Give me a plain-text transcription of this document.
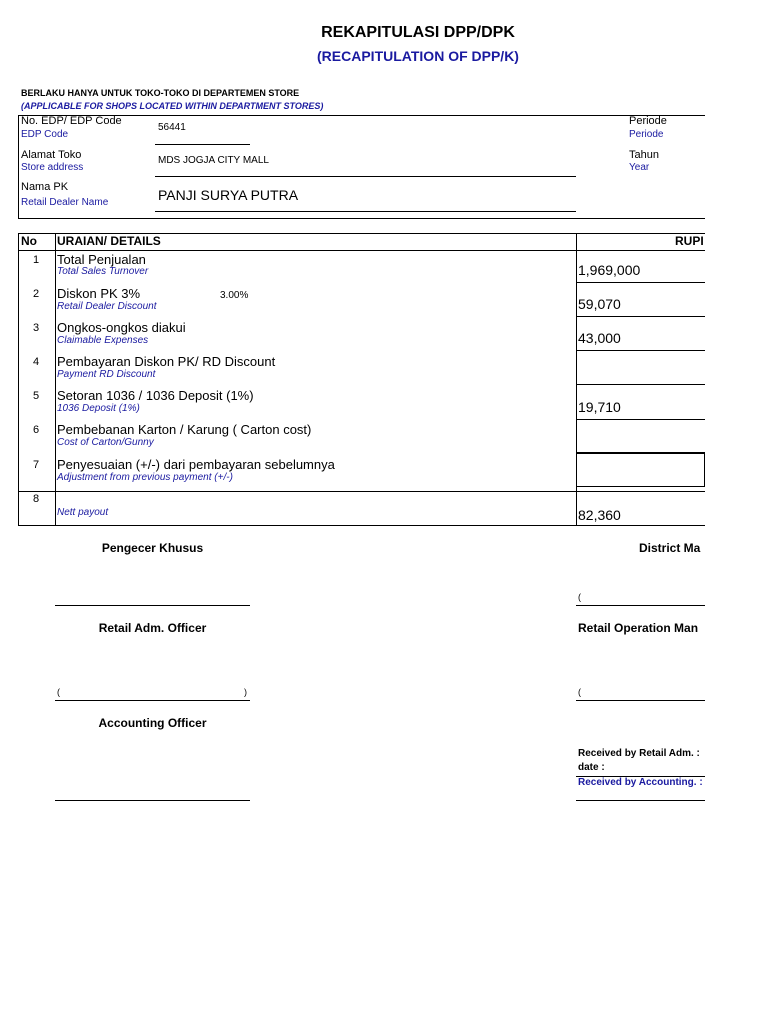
REKAPITULASI DPP/DPK
(RECAPITULATION OF DPP/K)
BERLAKU HANYA UNTUK TOKO-TOKO DI DEPARTEMEN STORE
(APPLICABLE FOR SHOPS LOCATED WITHIN DEPARTMENT STORES)
No. EDP/ EDP Code
EDP Code
56441
Alamat Toko
Store address
MDS JOGJA CITY MALL
Nama PK
Retail Dealer Name	PANJI SURYA PUTRA
Periode
Periode
Tahun
Year
No URAIAN/ DETAILS	RUPI
1 Total Penjualan
Total Sales Turnover	1,969,000
2 Diskon PK 3%	3.00%
Retail Dealer Discount	59,070
3 Ongkos-ongkos diakui
Claimable Expenses	43,000
4 Pembayaran Diskon PK/ RD Discount
Payment RD Discount
5 Setoran 1036 / 1036 Deposit (1%)
1036 Deposit (1%)	19,710
6 Pembebanan Karton / Karung ( Carton cost)
Cost of Carton/Gunny
7 Penyesuaian (+/-) dari pembayaran sebelumnya
Adjustment from previous payment (+/-)
8
Nett payout	82,360
Pengecer Khusus	District Ma
(
Retail Adm. Officer
(	)
Retail Operation Man
(
Accounting Officer
Received by Retail Adm. :
date :
Received by Accounting. :
